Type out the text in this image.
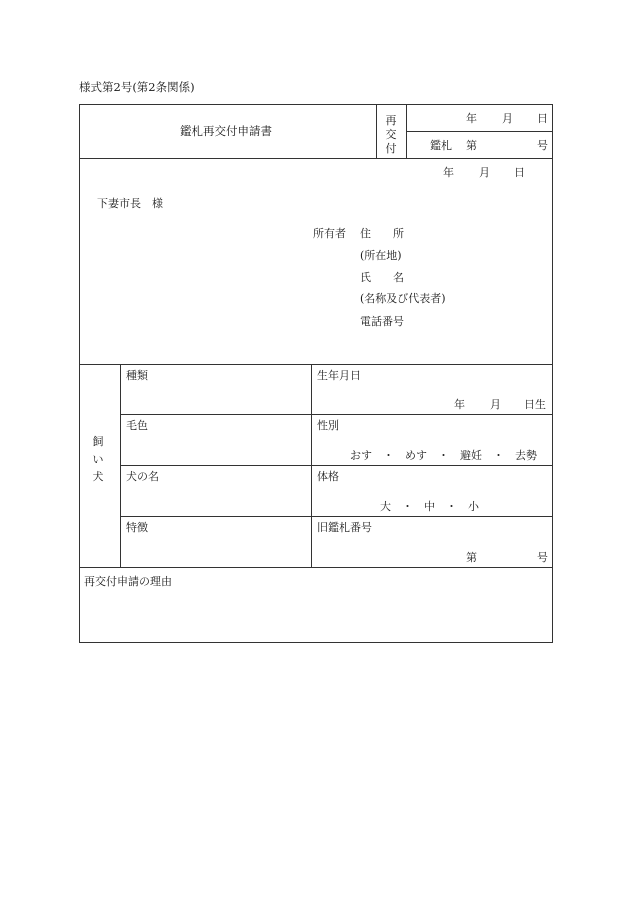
様式第2号(第2条関係)
鑑札再交付申請書
再
交
付
年 月 日
鑑札 第	号
年 月 日
下妻市長　様
所有者 住　　所
(所在地)
氏　　名
(名称及び代表者)
電話番号
飼
い
犬
種類	生年月日
年 月 日生
毛色	性別
おす　・　めす　・　避妊　・　去勢
犬の名	体格
大　・　中　・　小
特徴	旧鑑札番号
第	号
再交付申請の理由
